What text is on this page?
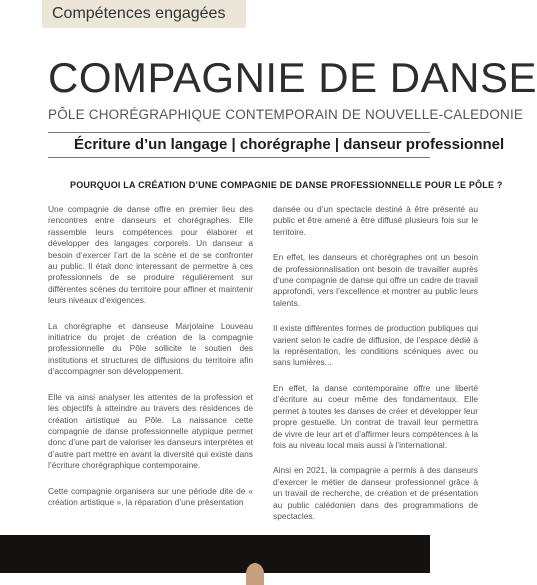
Compétences engagées
COMPAGNIE DE DANSE
PÔLE CHORÉGRAPHIQUE CONTEMPORAIN DE NOUVELLE-CALEDONIE
Écriture d’un langage | chorégraphe | danseur professionnel
POURQUOI LA CRÉATION D’UNE COMPAGNIE DE DANSE PROFESSIONNELLE POUR LE PÔLE ?

Une compagnie de danse offre en premier lieu des rencontres entre danseurs et chorégraphes. Elle rassemble leurs compétences pour élaborer et développer des langages corporels. Un danseur a besoin d’exercer l’art de la scène et de se confronter au public. Il était donc interessant de permettre à ces professionnels de se produire régulièrement sur différentes scènes du territoire pour affiner et maintenir leurs niveaux d’exigences.

La chorégraphe et danseuse Marjolaine Louveau initiatrice du projet de création de la compagnie professionnelle du Pôle sollicite le soutien des institutions et structures de diffusions du territoire afin d’accompagner son développement.

Elle va ainsi analyser les attentes de la profession et les objectifs à atteindre au travers des résidences de création artistique au Pôle. La naissance cette compagnie de danse professionnelle atypique permet donc d’une part de valoriser les danseurs interprètes et d’autre part mettre en avant la diversité qui existe dans l’écriture chorégraphique contemporaine.

Cette compagnie organisera sur une période dite de « création artistique », la réparation d’une présentation

dansée ou d’un spectacle destiné à être présenté au public et être amené à être diffusé plusieurs fois sur le territoire.

En effet, les danseurs et chorégraphes ont un besoin de professionnalisation ont besoin de travailler auprès d’une compagnie de danse qui offre un cadre de travail approfondi, vers l’excellence et montrer au public leurs talents.

Il existe différentes formes de production publiques qui varient selon le cadre de diffusion, de l’espace dédié à la représentation, les conditions scéniques avec ou sans lumières...

En effet, la danse contemporaine offre une liberté d’écriture au coeur même des fondamentaux. Elle permet à toutes les danses de créer et développer leur propre gestuelle. Un contrat de travail leur permettra de vivre de leur art et d’affirmer leurs compétences à la fois au niveau local mais aussi à l’international.

Ainsi en 2021, la compagnie a permis à des danseurs d’exercer le métier de danseur professionnel grâce à un travail de recherche, de création et de présentation au public calédonien dans des programmations de spectacles.
